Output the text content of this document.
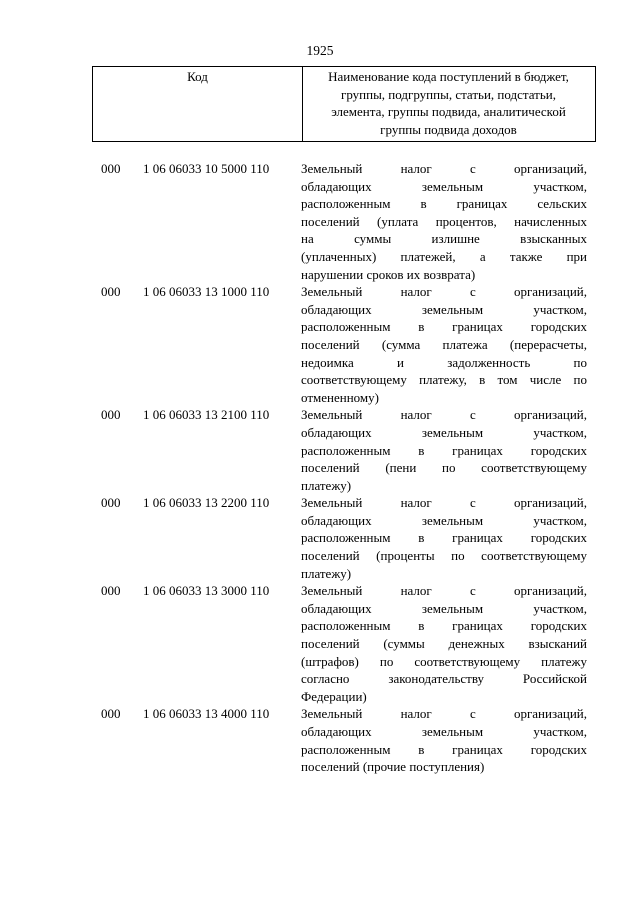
1925
Код	Наименование кода поступлений в бюджет,
группы, подгруппы, статьи, подстатьи,
элемента, группы подвида, аналитической
группы подвида доходов
000 1 06 06033 10 5000 110 Земельный налог с организаций,
обладающих земельным участком,
расположенным в границах сельских
поселений (уплата процентов, начисленных
на суммы излишне взысканных
(уплаченных) платежей, а также при
нарушении сроков их возврата)
000 1 06 06033 13 1000 110 Земельный налог с организаций,
обладающих земельным участком,
расположенным в границах городских
поселений (сумма платежа (перерасчеты,
недоимка и задолженность по
соответствующему платежу, в том числе по
отмененному)
000 1 06 06033 13 2100 110 Земельный налог с организаций,
обладающих земельным участком,
расположенным в границах городских
поселений (пени по соответствующему
платежу)
000 1 06 06033 13 2200 110 Земельный налог с организаций,
обладающих земельным участком,
расположенным в границах городских
поселений (проценты по соответствующему
платежу)
000 1 06 06033 13 3000 110 Земельный налог с организаций,
обладающих земельным участком,
расположенным в границах городских
поселений (суммы денежных взысканий
(штрафов) по соответствующему платежу
согласно законодательству Российской
Федерации)
000 1 06 06033 13 4000 110 Земельный налог с организаций,
обладающих земельным участком,
расположенным в границах городских
поселений (прочие поступления)
